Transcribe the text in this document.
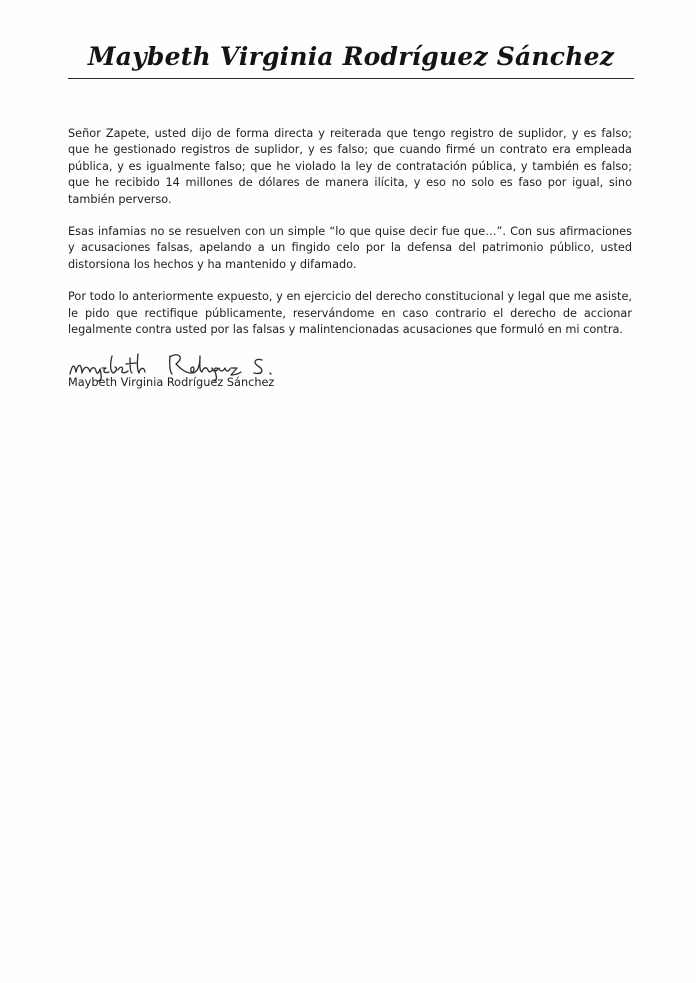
Maybeth Virginia Rodríguez Sánchez

Señor Zapete, usted dijo de forma directa y reiterada que tengo registro de suplidor, y es falso; que he gestionado registros de suplidor, y es falso; que cuando firmé un contrato era empleada pública, y es igualmente falso; que he violado la ley de contratación pública, y también es falso; que he recibido 14 millones de dólares de manera ilícita, y eso no solo es faso por igual, sino también perverso.

Esas infamias no se resuelven con un simple “lo que quise decir fue que…”. Con sus afirmaciones y acusaciones falsas, apelando a un fingido celo por la defensa del patrimonio público, usted distorsiona los hechos y ha mantenido y difamado.

Por todo lo anteriormente expuesto, y en ejercicio del derecho constitucional y legal que me asiste, le pido que rectifique públicamente, reservándome en caso contrario el derecho de accionar legalmente contra usted por las falsas y malintencionadas acusaciones que formuló en mi contra.

Maybeth Virginia Rodríguez Sánchez
